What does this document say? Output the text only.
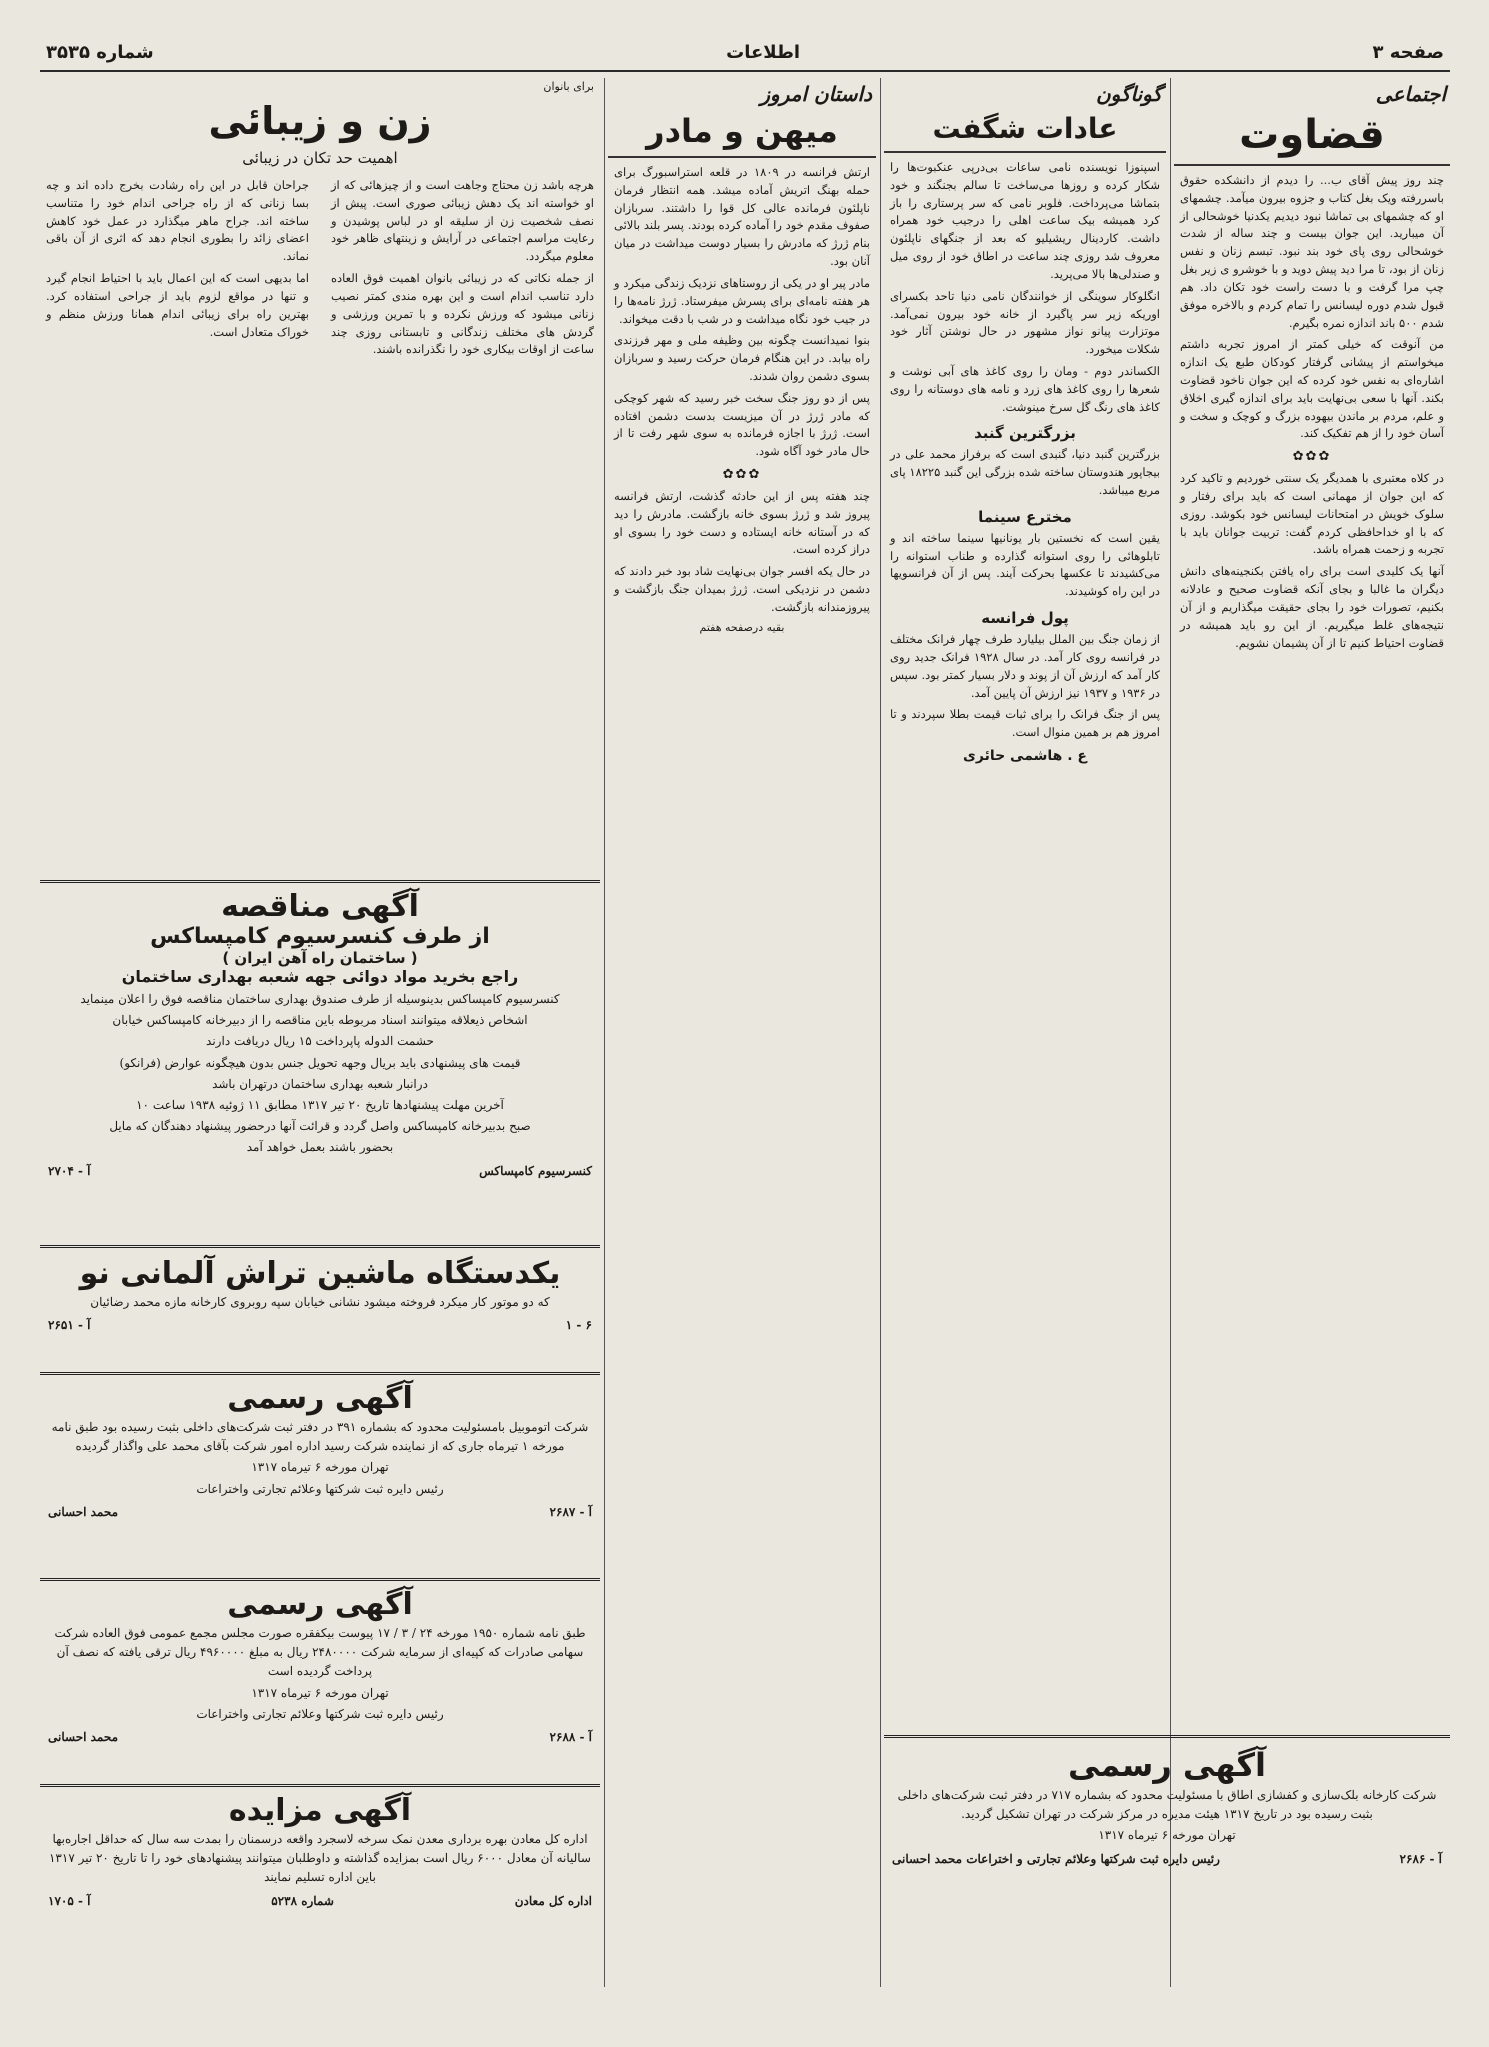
صفحه ۳
اطلاعات
شماره ۳۵۳۵
اجتماعی
قضاوت

چند روز پیش آقای ب... را دیدم از دانشکده حقوق باسررفته ویک بغل کتاب و جزوه بیرون میآمد. چشمهای او که چشمهای بی تماشا نبود دیدیم یکدنیا خوشحالی از آن میبارید. این جوان بیست و چند ساله از شدت خوشحالی روی پای خود بند نبود. تبسم زنان و نفس زنان از بود، تا مرا دید پیش دوید و با خوشرو ی زیر بغل چپ مرا گرفت و با دست راست خود تکان داد. هم قبول شدم دوره لیسانس را تمام کردم و بالاخره موفق شدم ۵۰۰ باند اندازه نمره بگیرم.

من آنوقت که خیلی کمتر از امروز تجربه داشتم میخواستم از پیشانی گرفتار کودکان طبع یک اندازه اشاره‌ای به نفس خود کرده که این جوان ناخود قضاوت بکند. آنها با سعی بی‌نهایت باید برای اندازه گیری اخلاق و علم، مردم بر ماندن بیهوده بزرگ و کوچک و سخت و آسان خود را از هم تفکیک کند.

✿✿✿

در کلاه معتبری با همدیگر یک سنتی خوردیم و تاکید کرد که این جوان از مهمانی است که باید برای رفتار و سلوک خویش در امتحانات لیسانس خود بکوشد. روزی که با او خداحافظی کردم گفت: تربیت جوانان باید با تجربه و زحمت همراه باشد.

آنها یک کلیدی است برای راه یافتن بکنجینه‌های دانش دیگران ما غالبا و بجای آنکه قضاوت صحیح و عادلانه بکنیم، تصورات خود را بجای حقیقت میگذاریم و از آن نتیجه‌های غلط میگیریم. از این رو باید همیشه در قضاوت احتیاط کنیم تا از آن پشیمان نشویم.

گوناگون
عادات شگفت

اسپنوزا نویسنده نامی ساعات بی‌درپی عنکبوت‌ها را شکار کرده و روزها می‌ساخت تا سالم بجنگند و خود بتماشا می‌پرداخت. فلوبر نامی که سر پرستاری را باز کرد همیشه بیک ساعت اهلی را درجیب خود همراه داشت. کاردینال ریشیلیو که بعد از جنگهای ناپلئون معروف شد روزی چند ساعت در اطاق خود از روی میل و صندلی‌ها بالا می‌پرید.

انگلوکار سوینگی از خوانندگان نامی دنیا تاحد بکسرای اوریکه زیر سر پاگیرد از خانه خود بیرون نمی‌آمد. موتزارت پیانو نواز مشهور در حال نوشتن آثار خود شکلات میخورد.

الکساندر دوم - ومان را روی کاغذ های آبی نوشت و شعرها را روی کاغذ های زرد و نامه های دوستانه را روی کاغذ های رنگ گل سرخ مینوشت.

بزرگترین گنبد

بزرگترین گنبد دنیا، گنبدی است که برفراز محمد علی در بیجاپور هندوستان ساخته شده بزرگی این گنبد ۱۸۲۲۵ پای مربع میباشد.

مخترع سینما

یقین است که نخستین بار یونانیها سینما ساخته اند و تابلوهائی را روی استوانه گذارده و طناب استوانه را می‌کشیدند تا عکسها بحرکت آیند. پس از آن فرانسویها در این راه کوشیدند.

پول فرانسه

از زمان جنگ بین الملل بیلیارد طرف چهار فرانک مختلف در فرانسه روی کار آمد. در سال ۱۹۲۸ فرانک جدید روی کار آمد که ارزش آن از پوند و دلار بسیار کمتر بود. سپس در ۱۹۳۶ و ۱۹۳۷ نیز ارزش آن پایین آمد.

پس از جنگ فرانک را برای ثبات قیمت بطلا سپردند و تا امروز هم بر همین منوال است.

ع . هاشمی حائری
داستان امروز
میهن و مادر

ارتش فرانسه در ۱۸۰۹ در قلعه استراسبورگ برای حمله بهنگ اتریش آماده میشد. همه انتظار فرمان ناپلئون فرمانده عالی کل قوا را داشتند. سربازان صفوف مقدم خود را آماده کرده بودند. پسر بلند بالائی بنام ژرژ که مادرش را بسیار دوست میداشت در میان آنان بود.

مادر پیر او در یکی از روستاهای نزدیک زندگی میکرد و هر هفته نامه‌ای برای پسرش میفرستاد. ژرژ نامه‌ها را در جیب خود نگاه میداشت و در شب با دقت میخواند.

بنوا نمیدانست چگونه بین وظیفه ملی و مهر فرزندی راه بیابد. در این هنگام فرمان حرکت رسید و سربازان بسوی دشمن روان شدند.

پس از دو روز جنگ سخت خبر رسید که شهر کوچکی که مادر ژرژ در آن میزیست بدست دشمن افتاده است. ژرژ با اجازه فرمانده به سوی شهر رفت تا از حال مادر خود آگاه شود.

✿✿✿

چند هفته پس از این حادثه گذشت، ارتش فرانسه پیروز شد و ژرژ بسوی خانه بازگشت. مادرش را دید که در آستانه خانه ایستاده و دست خود را بسوی او دراز کرده است.

در حال یکه افسر جوان بی‌نهایت شاد بود خبر دادند که دشمن در نزدیکی است. ژرژ بمیدان جنگ بازگشت و پیروزمندانه بازگشت.

بقیه درصفحه هفتم

برای بانوان
زن و زیبائی
اهمیت حد تکان در زیبائی

هرچه باشد زن محتاج وجاهت است و از چیزهائی که از او خواسته اند یک دهش زیبائی صوری است. پیش از نصف شخصیت زن از سلیقه او در لباس پوشیدن و رعایت مراسم اجتماعی در آرایش و زینتهای ظاهر خود معلوم میگردد.

از جمله نکاتی که در زیبائی بانوان اهمیت فوق العاده دارد تناسب اندام است و این بهره مندی کمتر نصیب زنانی میشود که ورزش نکرده و با تمرین ورزشی و گردش های مختلف زندگانی و تابستانی روزی چند ساعت از اوقات بیکاری خود را نگذرانده باشند.

جراحان قابل در این راه رشادت بخرج داده اند و چه بسا زنانی که از راه جراحی اندام خود را متناسب ساخته اند. جراح ماهر میگذارد در عمل خود کاهش اعضای زائد را بطوری انجام دهد که اثری از آن باقی نماند.

اما بدیهی است که این اعمال باید با احتیاط انجام گیرد و تنها در مواقع لزوم باید از جراحی استفاده کرد. بهترین راه برای زیبائی اندام همانا ورزش منظم و خوراک متعادل است.

آگهی مناقصه
از طرف کنسرسیوم کامپساکس
( ساختمان راه آهن ایران )
راجع بخرید مواد دوائی جهه شعبه بهداری ساختمان

کنسرسیوم کامپساکس بدینوسیله از طرف صندوق بهداری ساختمان مناقصه فوق را اعلان مینماید

اشخاص ذیعلاقه میتوانند اسناد مربوطه باین مناقصه را از دبیرخانه کامپساکس خیابان

حشمت الدوله پاپرداخت ۱۵ ریال دریافت دارند

قیمت های پیشنهادی باید بریال وجهه تحویل جنس بدون هیچگونه عوارض (فرانکو)

درانبار شعبه بهداری ساختمان درتهران باشد

آخرین مهلت پیشنهادها تاریخ ۲۰ تیر ۱۳۱۷ مطابق ۱۱ ژوئیه ۱۹۳۸ ساعت ۱۰

صبح بدبیرخانه کامپساکس واصل گردد و قرائت آنها درحضور پیشنهاد دهندگان که مایل

بحضور باشند بعمل خواهد آمد

کنسرسیوم کامپساکس
آ - ۲۷۰۴
یکدستگاه ماشین تراش آلمانی نو

که دو موتور کار میکرد فروخته میشود نشانی خیابان سپه روبروی کارخانه مازه محمد رضائیان

۶ - ۱
آ - ۲۶۵۱
آگهی رسمی

شرکت اتوموبیل بامسئولیت محدود که بشماره ۳۹۱ در دفتر ثبت شرکت‌های داخلی بثبت رسیده بود طبق نامه مورخه ۱ تیرماه جاری که از نماینده شرکت رسید اداره امور شرکت بآقای محمد علی واگذار گردیده

تهران مورخه ۶ تیرماه ۱۳۱۷

رئیس دایره ثبت شرکتها وعلائم تجارتی واختراعات

آ - ۲۶۸۷
محمد احسانی
آگهی رسمی

طبق نامه شماره ۱۹۵۰ مورخه ۲۴ / ۳ / ۱۷ پیوست بیکفقره صورت مجلس مجمع عمومی فوق العاده شرکت سهامی صادرات که کپیه‌ای از سرمایه شرکت ۲۴۸۰۰۰۰ ریال به مبلغ ۴۹۶۰۰۰۰ ریال ترقی یافته که نصف آن پرداخت گردیده است

تهران مورخه ۶ تیرماه ۱۳۱۷

رئیس دایره ثبت شرکتها وعلائم تجارتی واختراعات

آ - ۲۶۸۸
محمد احسانی
آگهی مزایده

اداره کل معادن بهره برداری معدن نمک سرخه لاسجرد واقعه درسمنان را بمدت سه سال که حداقل اجاره‌بها سالیانه آن معادل ۶۰۰۰ ریال است بمزایده گذاشته و داوطلبان میتوانند پیشنهادهای خود را تا تاریخ ۲۰ تیر ۱۳۱۷ باین اداره تسلیم نمایند

اداره کل معادن
شماره ۵۲۳۸
آ - ۱۷۰۵
آگهی رسمی

شرکت کارخانه بلک‌سازی و کفشازی اطاق با مسئولیت محدود که بشماره ۷۱۷ در دفتر ثبت شرکت‌های داخلی بثبت رسیده بود در تاریخ ۱۳۱۷ هیئت مدیره در مرکز شرکت در تهران تشکیل گردید.

تهران مورخه ۶ تیرماه ۱۳۱۷

آ - ۲۶۸۶
رئیس دایره ثبت شرکتها وعلائم تجارتی و اختراعات محمد احسانی
